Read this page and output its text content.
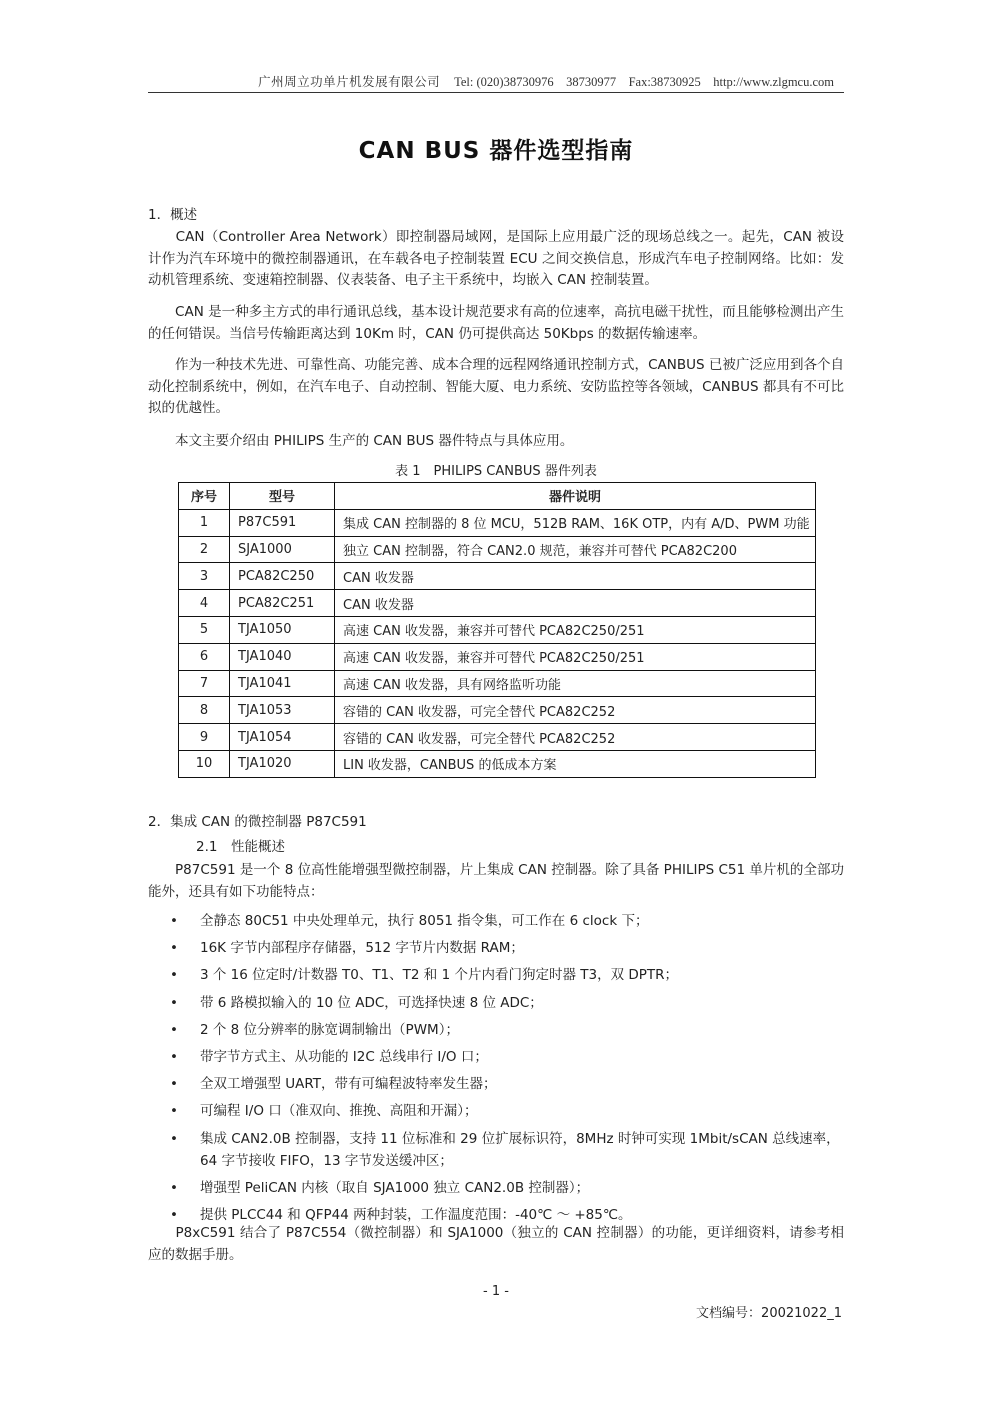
广州周立功单片机发展有限公司 Tel: (020)38730976　38730977　Fax:38730925　http://www.zlgmcu.com
CAN BUS 器件选型指南
1．概述

　　CAN（Controller Area Network）即控制器局域网，是国际上应用最广泛的现场总线之一。起先，CAN 被设计作为汽车环境中的微控制器通讯，在车载各电子控制装置 ECU 之间交换信息，形成汽车电子控制网络。比如：发动机管理系统、变速箱控制器、仪表装备、电子主干系统中，均嵌入 CAN 控制装置。

　　CAN 是一种多主方式的串行通讯总线，基本设计规范要求有高的位速率，高抗电磁干扰性，而且能够检测出产生的任何错误。当信号传输距离达到 10Km 时，CAN 仍可提供高达 50Kbps 的数据传输速率。

　　作为一种技术先进、可靠性高、功能完善、成本合理的远程网络通讯控制方式，CANBUS 已被广泛应用到各个自动化控制系统中，例如，在汽车电子、自动控制、智能大厦、电力系统、安防监控等各领域，CANBUS 都具有不可比拟的优越性。

　　本文主要介绍由 PHILIPS 生产的 CAN BUS 器件特点与具体应用。

表 1　PHILIPS CANBUS 器件列表
序号	型号	器件说明
1	P87C591	集成 CAN 控制器的 8 位 MCU，512B RAM、16K OTP，内有 A/D、PWM 功能
2	SJA1000	独立 CAN 控制器，符合 CAN2.0 规范，兼容并可替代 PCA82C200
3	PCA82C250	CAN 收发器
4	PCA82C251	CAN 收发器
5	TJA1050	高速 CAN 收发器，兼容并可替代 PCA82C250/251
6	TJA1040	高速 CAN 收发器，兼容并可替代 PCA82C250/251
7	TJA1041	高速 CAN 收发器，具有网络监听功能
8	TJA1053	容错的 CAN 收发器，可完全替代 PCA82C252
9	TJA1054	容错的 CAN 收发器，可完全替代 PCA82C252
10	TJA1020	LIN 收发器，CANBUS 的低成本方案
2．集成 CAN 的微控制器 P87C591
2.1　性能概述

　　P87C591 是一个 8 位高性能增强型微控制器，片上集成 CAN 控制器。除了具备 PHILIPS C51 单片机的全部功能外，还具有如下功能特点：

• 全静态 80C51 中央处理单元，执行 8051 指令集，可工作在 6 clock 下；
• 16K 字节内部程序存储器，512 字节片内数据 RAM；
• 3 个 16 位定时/计数器 T0、T1、T2 和 1 个片内看门狗定时器 T3，双 DPTR；
• 带 6 路模拟输入的 10 位 ADC，可选择快速 8 位 ADC；
• 2 个 8 位分辨率的脉宽调制输出（PWM）；
• 带字节方式主、从功能的 I2C 总线串行 I/O 口；
• 全双工增强型 UART，带有可编程波特率发生器；
• 可编程 I/O 口（准双向、推挽、高阻和开漏）；
• 集成 CAN2.0B 控制器，支持 11 位标准和 29 位扩展标识符，8MHz 时钟可实现 1Mbit/sCAN 总线速率，64 字节接收 FIFO，13 字节发送缓冲区；
• 增强型 PeliCAN 内核（取自 SJA1000 独立 CAN2.0B 控制器）；
• 提供 PLCC44 和 QFP44 两种封装，工作温度范围：-40℃ ～ +85℃。

　　P8xC591 结合了 P87C554（微控制器）和 SJA1000（独立的 CAN 控制器）的功能，更详细资料，请参考相应的数据手册。

- 1 -
文档编号：20021022_1
